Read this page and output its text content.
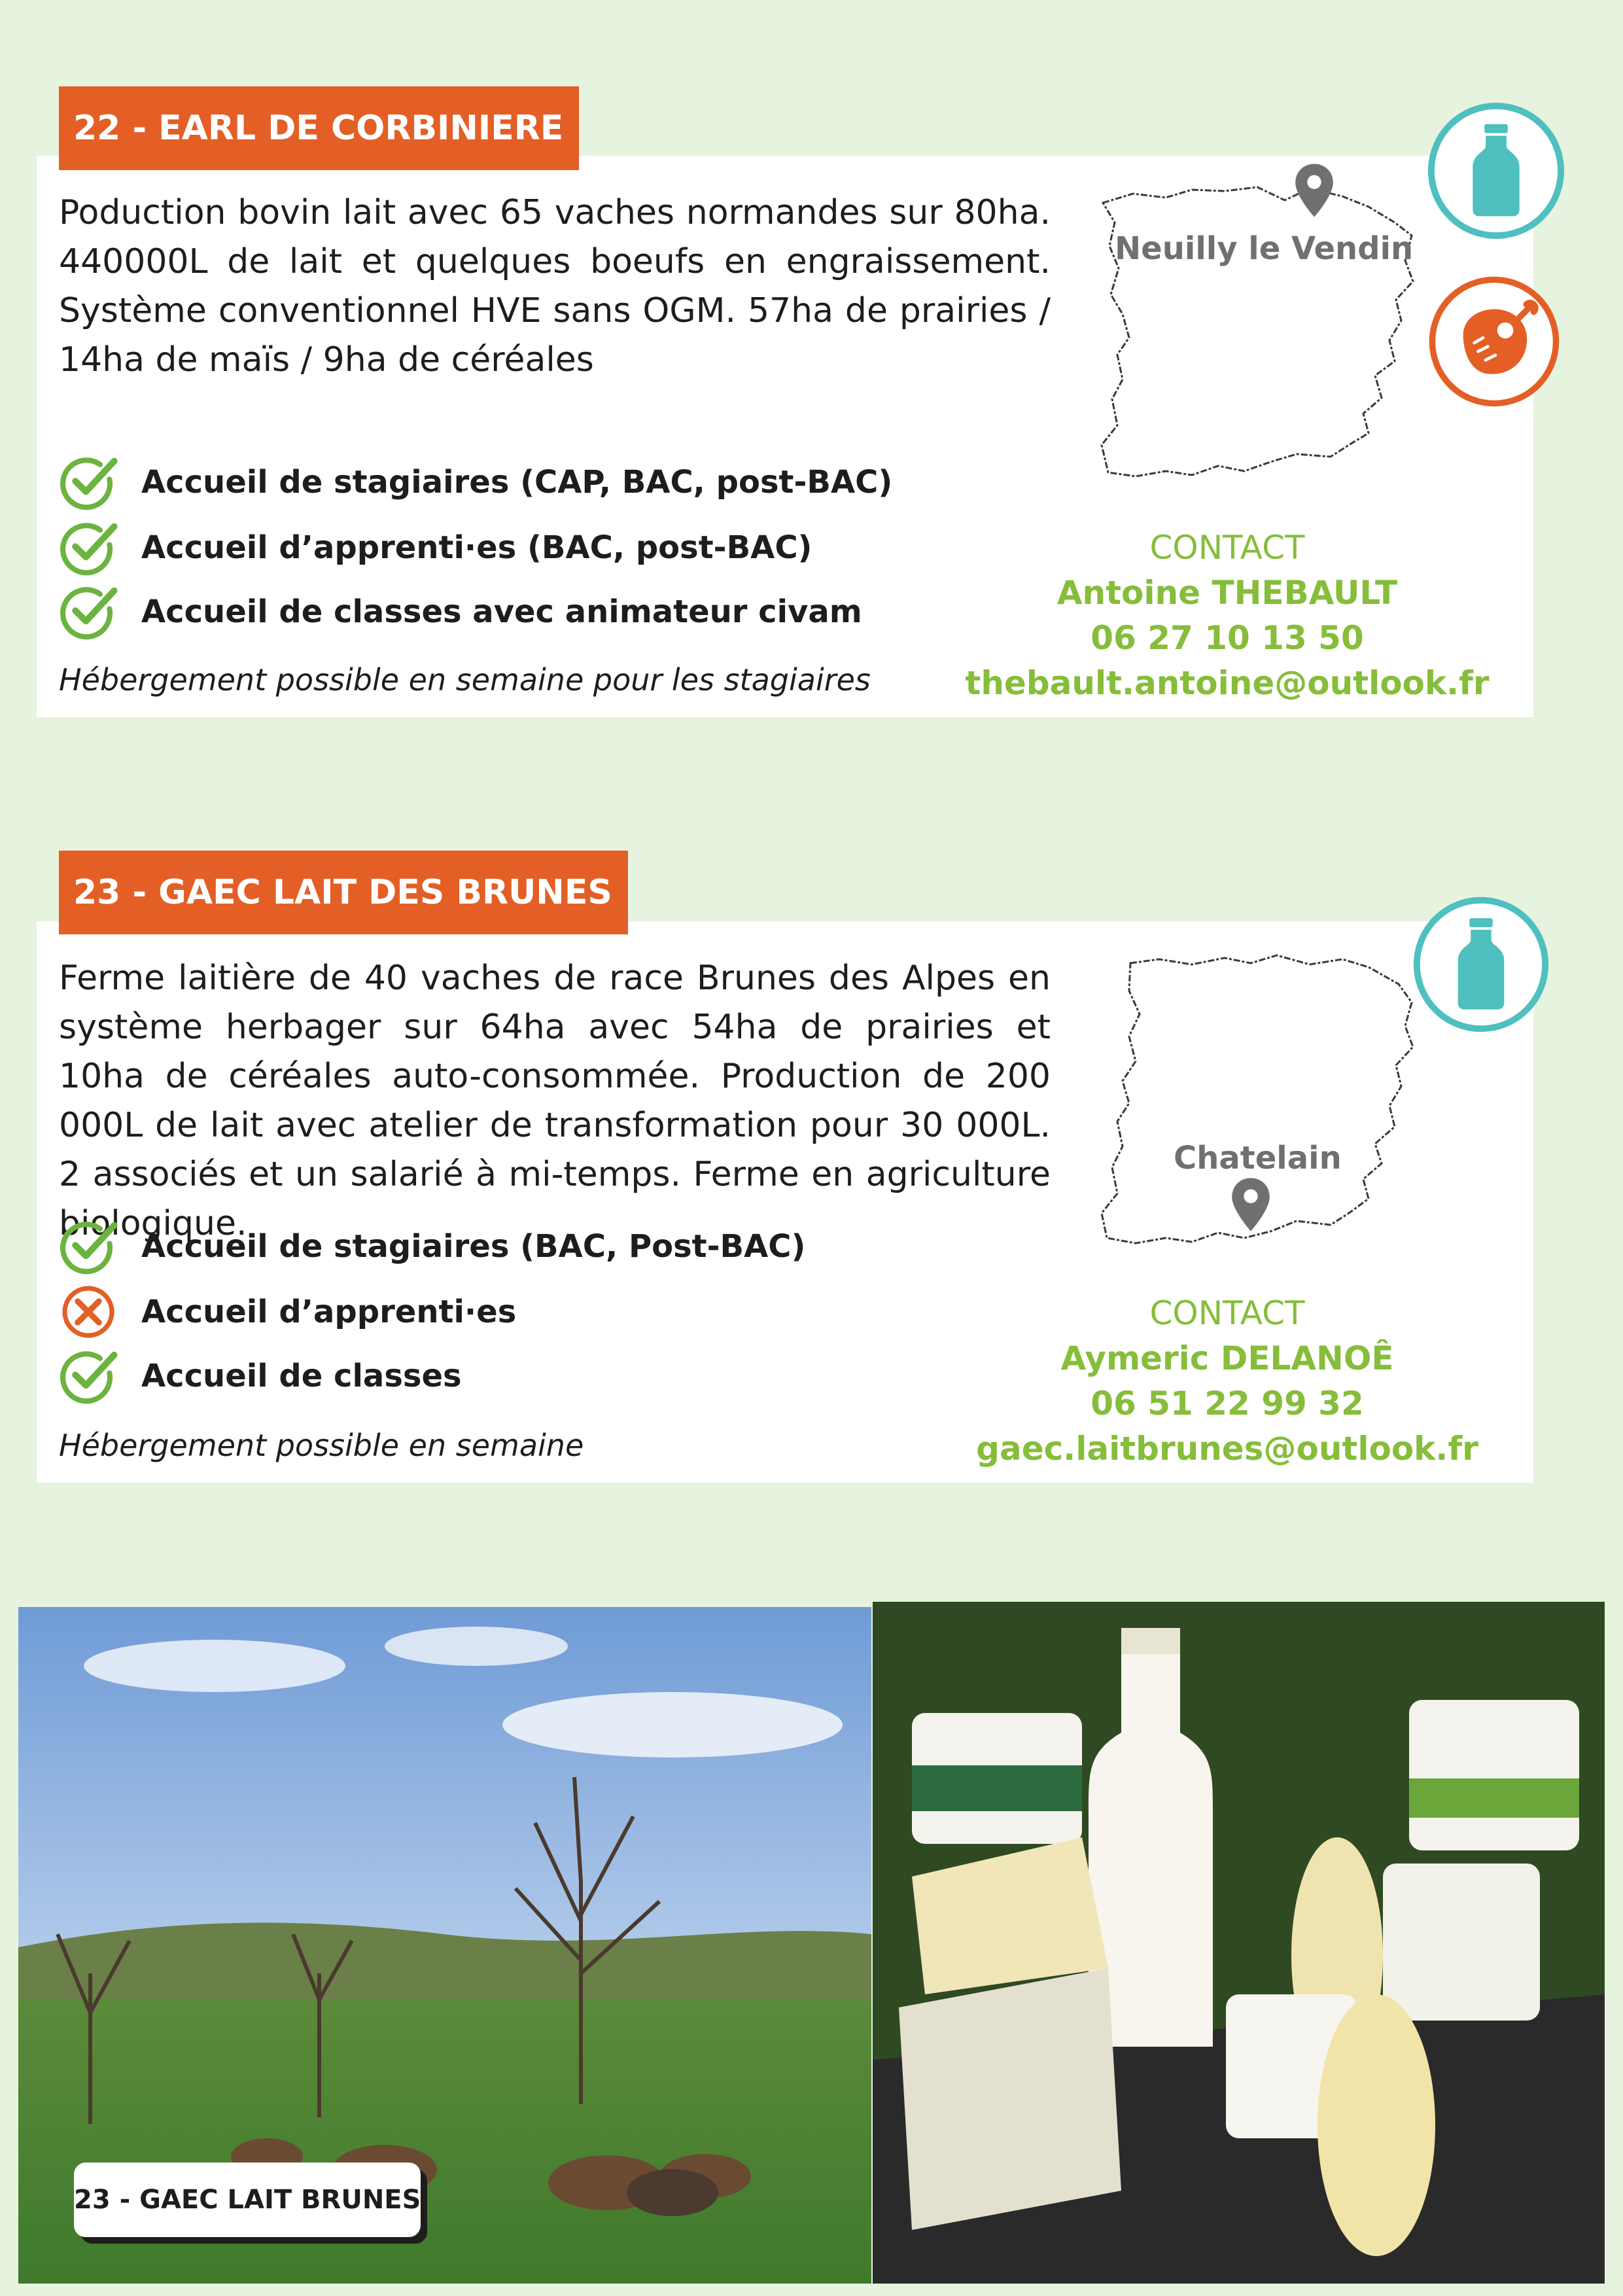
22 - EARL DE CORBINIERE
Poduction bovin lait avec 65 vaches normandes sur 80ha. 440000L de lait et quelques boeufs en engraissement. Système conventionnel HVE sans OGM. 57ha de prairies / 14ha de maïs / 9ha de céréales
Neuilly le Vendin
Accueil de stagiaires (CAP, BAC, post-BAC)
Accueil d’apprenti·es (BAC, post-BAC)
Accueil de classes avec animateur civam
Hébergement possible en semaine pour les stagiaires
CONTACT
Antoine THEBAULT
06 27 10 13 50
thebault.antoine@outlook.fr
23 - GAEC LAIT DES BRUNES
Ferme laitière de 40 vaches de race Brunes des Alpes en système herbager sur 64ha avec 54ha de prairies et 10ha de céréales auto-consommée. Production de 200 000L de lait avec atelier de transformation pour 30 000L. 2 associés et un salarié à mi-temps. Ferme en agriculture biologique.
Chatelain
Accueil de stagiaires (BAC, Post-BAC)
Accueil d’apprenti·es
Accueil de classes
Hébergement possible en semaine
CONTACT
Aymeric DELANOÊ
06 51 22 99 32
gaec.laitbrunes@outlook.fr
23 - GAEC LAIT BRUNES
